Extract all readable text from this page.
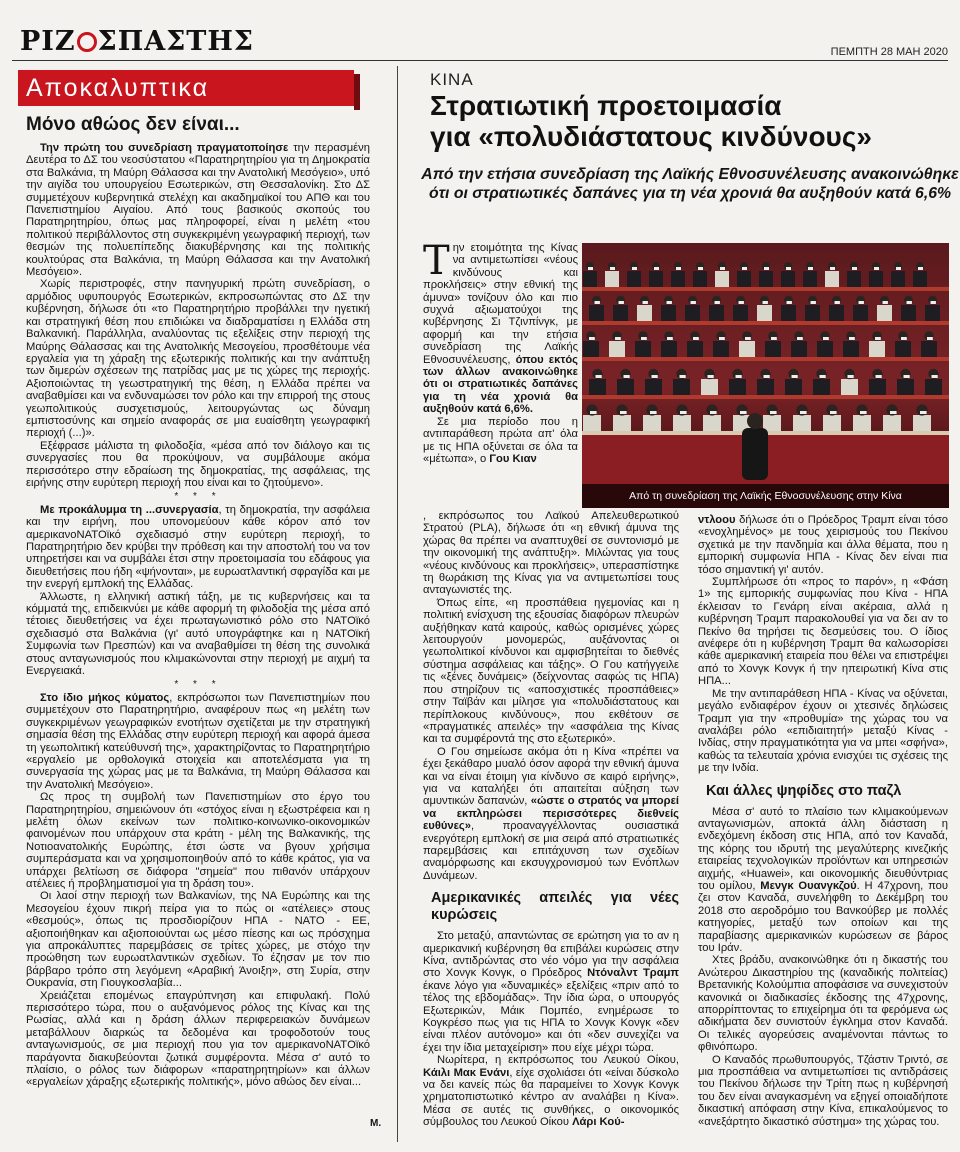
ΡΙΖ ΣΠΑΣΤΗΣ	ΠΕΜΠΤΗ 28 ΜΑΗ 2020
Αποκαλυπτικα
Μόνο αθώος δεν είναι...

Την πρώτη του συνεδρίαση πραγματοποίησε την περασμένη Δευτέρα το ΔΣ του νεοσύστατου «Παρατηρητηρίου για τη Δημοκρατία στα Βαλκάνια, τη Μαύρη Θάλασσα και την Ανατολική Μεσόγειο», υπό την αιγίδα του υπουργείου Εσωτερικών, στη Θεσσαλονίκη. Στο ΔΣ συμμετέχουν κυβερνητικά στελέχη και ακαδημαϊκοί του ΑΠΘ και του Πανεπιστημίου Αιγαίου. Από τους βασικούς σκοπούς του Παρατηρητηρίου, όπως μας πληροφορεί, είναι η μελέτη «του πολιτικού περιβάλλοντος στη συγκεκριμένη γεωγραφική περιοχή, των θεσμών της πολυεπίπεδης διακυβέρνησης και της πολιτικής κουλτούρας στα Βαλκάνια, τη Μαύρη Θάλασσα και την Ανατολική Μεσόγειο».

Χωρίς περιστροφές, στην πανηγυρική πρώτη συνεδρίαση, ο αρμόδιος υφυπουργός Εσωτερικών, εκπροσωπώντας στο ΔΣ την κυβέρνηση, δήλωσε ότι «το Παρατηρητήριο προβάλλει την ηγετική και στρατηγική θέση που επιδιώκει να διαδραματίσει η Ελλάδα στη Βαλκανική. Παράλληλα, αναλύοντας τις εξελίξεις στην περιοχή της Μαύρης Θάλασσας και της Ανατολικής Μεσογείου, προσθέτουμε νέα εργαλεία για τη χάραξη της εξωτερικής πολιτικής και την ανάπτυξη των διμερών σχέσεων της πατρίδας μας με τις χώρες της περιοχής. Αξιοποιώντας τη γεωστρατηγική της θέση, η Ελλάδα πρέπει να αναβαθμίσει και να ενδυναμώσει τον ρόλο και την επιρροή της στους γεωπολιτικούς συσχετισμούς, λειτουργώντας ως δύναμη εμπιστοσύνης και σημείο αναφοράς σε μια ευαίσθητη γεωγραφική περιοχή (...)».

Εξέφρασε μάλιστα τη φιλοδοξία, «μέσα από τον διάλογο και τις συνεργασίες που θα προκύψουν, να συμβάλουμε ακόμα περισσότερο στην εδραίωση της δημοκρατίας, της ασφάλειας, της ειρήνης στην ευρύτερη περιοχή που είναι και το ζητούμενο».

* * *

Με προκάλυμμα τη ...συνεργασία, τη δημοκρατία, την ασφάλεια και την ειρήνη, που υπονομεύουν κάθε κόρον από τον αμερικανοΝΑΤOϊκό σχεδιασμό στην ευρύτερη περιοχή, το Παρατηρητήριο δεν κρύβει την πρόθεση και την αποστολή του να τον υπηρετήσει και να συμβάλει έτσι στην προετοιμασία του εδάφους για διευθετήσεις που ήδη «ψήνονται», με ευρωατλαντική σφραγίδα και με την ενεργή εμπλοκή της Ελλάδας.

Άλλωστε, η ελληνική αστική τάξη, με τις κυβερνήσεις και τα κόμματά της, επιδεικνύει με κάθε αφορμή τη φιλοδοξία της μέσα από τέτοιες διευθετήσεις να έχει πρωταγωνιστικό ρόλο στο ΝΑΤOϊκό σχεδιασμό στα Βαλκάνια (γι' αυτό υπογράφτηκε και η ΝΑΤOϊκή Συμφωνία των Πρεσπών) και να αναβαθμίσει τη θέση της συνολικά στους ανταγωνισμούς που κλιμακώνονται στην περιοχή με αιχμή τα Ενεργειακά.

* * *

Στο ίδιο μήκος κύματος, εκπρόσωποι των Πανεπιστημίων που συμμετέχουν στο Παρατηρητήριο, αναφέρουν πως «η μελέτη των συγκεκριμένων γεωγραφικών ενοτήτων σχετίζεται με την στρατηγική σημασία θέση της Ελλάδας στην ευρύτερη περιοχή και αφορά άμεσα τη γεωπολιτική κατεύθυνσή της», χαρακτηρίζοντας το Παρατηρητήριο «εργαλείο με ορθολογικά στοιχεία και αποτελέσματα για τη συνεργασία της χώρας μας με τα Βαλκάνια, τη Μαύρη Θάλασσα και την Ανατολική Μεσόγειο».

Ως προς τη συμβολή των Πανεπιστημίων στο έργο του Παρατηρητηρίου, σημειώνουν ότι «στόχος είναι η εξωστρέφεια και η μελέτη όλων εκείνων των πολιτικο-κοινωνικο-οικονομικών φαινομένων που υπάρχουν στα κράτη - μέλη της Βαλκανικής, της Νοτιοανατολικής Ευρώπης, έτσι ώστε να βγουν χρήσιμα συμπεράσματα και να χρησιμοποιηθούν από το κάθε κράτος, για να υπάρχει βελτίωση σε διάφορα "σημεία" που πιθανόν υπάρχουν ατέλειες ή προβληματισμοί για τη δράση του».

Οι λαοί στην περιοχή των Βαλκανίων, της ΝΑ Ευρώπης και της Μεσογείου έχουν πικρή πείρα για το πώς οι «ατέλειες» στους «θεσμούς», όπως τις προσδιορίζουν ΗΠΑ - ΝΑΤΟ - ΕΕ, αξιοποιήθηκαν και αξιοποιούνται ως μέσο πίεσης και ως πρόσχημα για απροκάλυπτες παρεμβάσεις σε τρίτες χώρες, με στόχο την προώθηση των ευρωατλαντικών σχεδίων. Το έζησαν με τον πιο βάρβαρο τρόπο στη λεγόμενη «Αραβική Άνοιξη», στη Συρία, στην Ουκρανία, στη Γιουγκοσλαβία...

Χρειάζεται επομένως επαγρύπνηση και επιφυλακή. Πολύ περισσότερο τώρα, που ο αυξανόμενος ρόλος της Κίνας και της Ρωσίας, αλλά και η δράση άλλων περιφερειακών δυνάμεων μεταβάλλουν διαρκώς τα δεδομένα και τροφοδοτούν τους ανταγωνισμούς, σε μια περιοχή που για τον αμερικανοΝΑΤOϊκό παράγοντα διακυβεύονται ζωτικά συμφέροντα. Μέσα σ' αυτό το πλαίσιο, ο ρόλος των διάφορων «παρατηρητηρίων» και άλλων «εργαλείων χάραξης εξωτερικής πολιτικής», μόνο αθώος δεν είναι...

Μ.
ΚΙΝΑ
Στρατιωτική προετοιμασία
για «πολυδιάστατους κινδύνους»
Από την ετήσια συνεδρίαση της Λαϊκής Εθνοσυνέλευσης ανακοινώθηκε ότι οι στρατιωτικές δαπάνες για τη νέα χρονιά θα αυξηθούν κατά 6,6%

Την ετοιμότητα της Κίνας να αντιμετωπίσει «νέους κινδύνους και προκλήσεις» στην εθνική της άμυνα» τονίζουν όλο και πιο συχνά αξιωματούχοι της κυβέρνησης Σι Τζινπίνγκ, με αφορμή και την ετήσια συνεδρίαση της Λαϊκής Εθνοσυνέλευσης, όπου εκτός των άλλων ανακοινώθηκε ότι οι στρατιωτικές δαπάνες για τη νέα χρονιά θα αυξηθούν κατά 6,6%.

Σε μια περίοδο που η αντιπαράθεση πρώτα απ' όλα με τις ΗΠΑ οξύνεται σε όλα τα «μέτωπα», ο Γου Κιαν

, εκπρόσωπος του Λαϊκού Απελευθερωτικού Στρατού (PLA), δήλωσε ότι «η εθνική άμυνα της χώρας θα πρέπει να αναπτυχθεί σε συντονισμό με την οικονομική της ανάπτυξη». Μιλώντας για τους «νέους κινδύνους και προκλήσεις», υπερασπίστηκε τη θωράκιση της Κίνας για να αντιμετωπίσει τους ανταγωνιστές της.

Όπως είπε, «η προσπάθεια ηγεμονίας και η πολιτική ενίσχυση της εξουσίας διαφόρων πλευρών αυξήθηκαν κατά καιρούς, καθώς ορισμένες χώρες λειτουργούν μονομερώς, αυξάνοντας οι γεωπολιτικοί κίνδυνοι και αμφισβητείται το διεθνές σύστημα ασφάλειας και τάξης». Ο Γου κατήγγειλε τις «ξένες δυνάμεις» (δείχνοντας σαφώς τις ΗΠΑ) που στηρίζουν τις «αποσχιστικές προσπάθειες» στην Ταϊβάν και μίλησε για «πολυδιάστατους και περίπλοκους κινδύνους», που εκθέτουν σε «πραγματικές απειλές» την «ασφάλεια της Κίνας και τα συμφέροντά της στο εξωτερικό».

Ο Γου σημείωσε ακόμα ότι η Κίνα «πρέπει να έχει ξεκάθαρο μυαλό όσον αφορά την εθνική άμυνα και να είναι έτοιμη για κίνδυνο σε καιρό ειρήνης», για να καταλήξει ότι απαιτείται αύξηση των αμυντικών δαπανών, «ώστε ο στρατός να μπορεί να εκπληρώσει περισσότερες διεθνείς ευθύνες», προαναγγέλλοντας ουσιαστικά ενεργότερη εμπλοκή σε μια σειρά από στρατιωτικές παρεμβάσεις και επιτάχυνση των σχεδίων αναμόρφωσης και εκσυγχρονισμού των Ενόπλων Δυνάμεων.

Αμερικανικές απειλές για νέες κυρώσεις

Στο μεταξύ, απαντώντας σε ερώτηση για το αν η αμερικανική κυβέρνηση θα επιβάλει κυρώσεις στην Κίνα, αντιδρώντας στο νέο νόμο για την ασφάλεια στο Χονγκ Κονγκ, ο Πρόεδρος Ντόναλντ Τραμπ έκανε λόγο για «δυναμικές» εξελίξεις «πριν από το τέλος της εβδομάδας». Την ίδια ώρα, ο υπουργός Εξωτερικών, Μάικ Πομπέο, ενημέρωσε το Κογκρέσο πως για τις ΗΠΑ το Χονγκ Κονγκ «δεν είναι πλέον αυτόνομο» και ότι «δεν συνεχίζει να έχει την ίδια μεταχείριση» που είχε μέχρι τώρα.

Νωρίτερα, η εκπρόσωπος του Λευκού Οίκου, Κάιλι Μακ Ενάνι, είχε σχολιάσει ότι «είναι δύσκολο να δει κανείς πώς θα παραμείνει το Χονγκ Κονγκ χρηματοπιστωτικό κέντρο αν αναλάβει η Κίνα». Μέσα σε αυτές τις συνθήκες, ο οικονομικός σύμβουλος του Λευκού Οίκου Λάρι Κού-

Από τη συνεδρίαση της Λαϊκής Εθνοσυνέλευσης στην Κίνα

ντλοου δήλωσε ότι ο Πρόεδρος Τραμπ είναι τόσο «ενοχλημένος» με τους χειρισμούς του Πεκίνου σχετικά με την πανδημία και άλλα θέματα, που η εμπορική συμφωνία ΗΠΑ - Κίνας δεν είναι πια τόσο σημαντική γι' αυτόν.

Συμπλήρωσε ότι «προς το παρόν», η «Φάση 1» της εμπορικής συμφωνίας που Κίνα - ΗΠΑ έκλεισαν το Γενάρη είναι ακέραια, αλλά η κυβέρνηση Τραμπ παρακολουθεί για να δει αν το Πεκίνο θα τηρήσει τις δεσμεύσεις του. Ο ίδιος ανέφερε ότι η κυβέρνηση Τραμπ θα καλωσορίσει κάθε αμερικανική εταιρεία που θέλει να επιστρέψει από το Χονγκ Κονγκ ή την ηπειρωτική Κίνα στις ΗΠΑ...

Με την αντιπαράθεση ΗΠΑ - Κίνας να οξύνεται, μεγάλο ενδιαφέρον έχουν οι χτεσινές δηλώσεις Τραμπ για την «προθυμία» της χώρας του να αναλάβει ρόλο «επιδιαιτητή» μεταξύ Κίνας - Ινδίας, στην πραγματικότητα για να μπει «σφήνα», καθώς τα τελευταία χρόνια ενισχύει τις σχέσεις της με την Ινδία.

Και άλλες ψηφίδες στο παζλ

Μέσα σ' αυτό το πλαίσιο των κλιμακούμενων ανταγωνισμών, αποκτά άλλη διάσταση η ενδεχόμενη έκδοση στις ΗΠΑ, από τον Καναδά, της κόρης του ιδρυτή της μεγαλύτερης κινεζικής εταιρείας τεχνολογικών προϊόντων και υπηρεσιών αιχμής, «Huawei», και οικονομικής διευθύντριας του ομίλου, Μενγκ Ουανγκζού. Η 47χρονη, που ζει στον Καναδά, συνελήφθη το Δεκέμβρη του 2018 στο αεροδρόμιο του Βανκούβερ με πολλές κατηγορίες, μεταξύ των οποίων και της παραβίασης αμερικανικών κυρώσεων σε βάρος του Ιράν.

Χτες βράδυ, ανακοινώθηκε ότι η δικαστής του Ανώτερου Δικαστηρίου της (καναδικής πολιτείας) Βρετανικής Κολούμπια αποφάσισε να συνεχιστούν κανονικά οι διαδικασίες έκδοσης της 47χρονης, απορρίπτοντας το επιχείρημα ότι τα φερόμενα ως αδικήματα δεν συνιστούν έγκλημα στον Καναδά. Οι τελικές αγορεύσεις αναμένονται πάντως το φθινόπωρο.

Ο Καναδός πρωθυπουργός, Τζάστιν Τριντό, σε μια προσπάθεια να αντιμετωπίσει τις αντιδράσεις του Πεκίνου δήλωσε την Τρίτη πως η κυβέρνησή του δεν είναι αναγκασμένη να εξηγεί οποιαδήποτε δικαστική απόφαση στην Κίνα, επικαλούμενος το «ανεξάρτητο δικαστικό σύστημα» της χώρας του.
